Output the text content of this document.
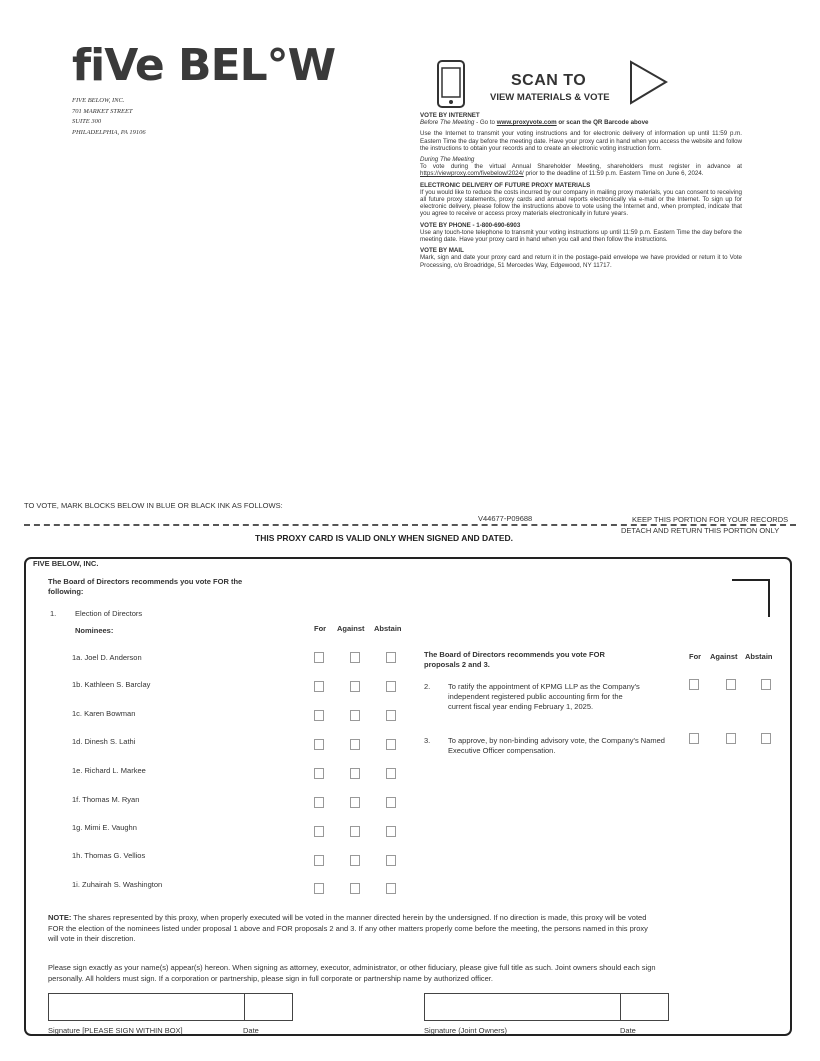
fiVe BEL°W
FIVE BELOW, INC.
701 MARKET STREET
SUITE 300
PHILADELPHIA, PA 19106
SCAN TO
VIEW MATERIALS & VOTE

VOTE BY INTERNET

Before The Meeting - Go to www.proxyvote.com or scan the QR Barcode above

Use the Internet to transmit your voting instructions and for electronic delivery of information up until 11:59 p.m. Eastern Time the day before the meeting date. Have your proxy card in hand when you access the website and follow the instructions to obtain your records and to create an electronic voting instruction form.

During The Meeting

To vote during the virtual Annual Shareholder Meeting, shareholders must register in advance at https://viewproxy.com/fivebelow/2024/ prior to the deadline of 11:59 p.m. Eastern Time on June 6, 2024.

ELECTRONIC DELIVERY OF FUTURE PROXY MATERIALS

If you would like to reduce the costs incurred by our company in mailing proxy materials, you can consent to receiving all future proxy statements, proxy cards and annual reports electronically via e-mail or the Internet. To sign up for electronic delivery, please follow the instructions above to vote using the Internet and, when prompted, indicate that you agree to receive or access proxy materials electronically in future years.

VOTE BY PHONE - 1-800-690-6903

Use any touch-tone telephone to transmit your voting instructions up until 11:59 p.m. Eastern Time the day before the meeting date. Have your proxy card in hand when you call and then follow the instructions.

VOTE BY MAIL

Mark, sign and date your proxy card and return it in the postage-paid envelope we have provided or return it to Vote Processing, c/o Broadridge, 51 Mercedes Way, Edgewood, NY 11717.

TO VOTE, MARK BLOCKS BELOW IN BLUE OR BLACK INK AS FOLLOWS:
V44677-P09688	KEEP THIS PORTION FOR YOUR RECORDS
DETACH AND RETURN THIS PORTION ONLY
THIS PROXY CARD IS VALID ONLY WHEN SIGNED AND DATED.
FIVE BELOW, INC.
The Board of Directors recommends you vote FOR the following:
1. Election of Directors
Nominees:	For Against Abstain
1a. Joel D. Anderson
1b. Kathleen S. Barclay
1c. Karen Bowman
1d. Dinesh S. Lathi
1e. Richard L. Markee
1f. Thomas M. Ryan
1g. Mimi E. Vaughn
1h. Thomas G. Vellios
1i. Zuhairah S. Washington
The Board of Directors recommends you vote FOR proposals 2 and 3.
For Against Abstain
2. To ratify the appointment of KPMG LLP as the Company's independent registered public accounting firm for the current fiscal year ending February 1, 2025.
3. To approve, by non-binding advisory vote, the Company's Named Executive Officer compensation.
NOTE: The shares represented by this proxy, when properly executed will be voted in the manner directed herein by the undersigned. If no direction is made, this proxy will be voted FOR the election of the nominees listed under proposal 1 above and FOR proposals 2 and 3. If any other matters properly come before the meeting, the persons named in this proxy will vote in their discretion.
Please sign exactly as your name(s) appear(s) hereon. When signing as attorney, executor, administrator, or other fiduciary, please give full title as such. Joint owners should each sign personally. All holders must sign. If a corporation or partnership, please sign in full corporate or partnership name by authorized officer.
Signature [PLEASE SIGN WITHIN BOX]	Date	Signature (Joint Owners)	Date
